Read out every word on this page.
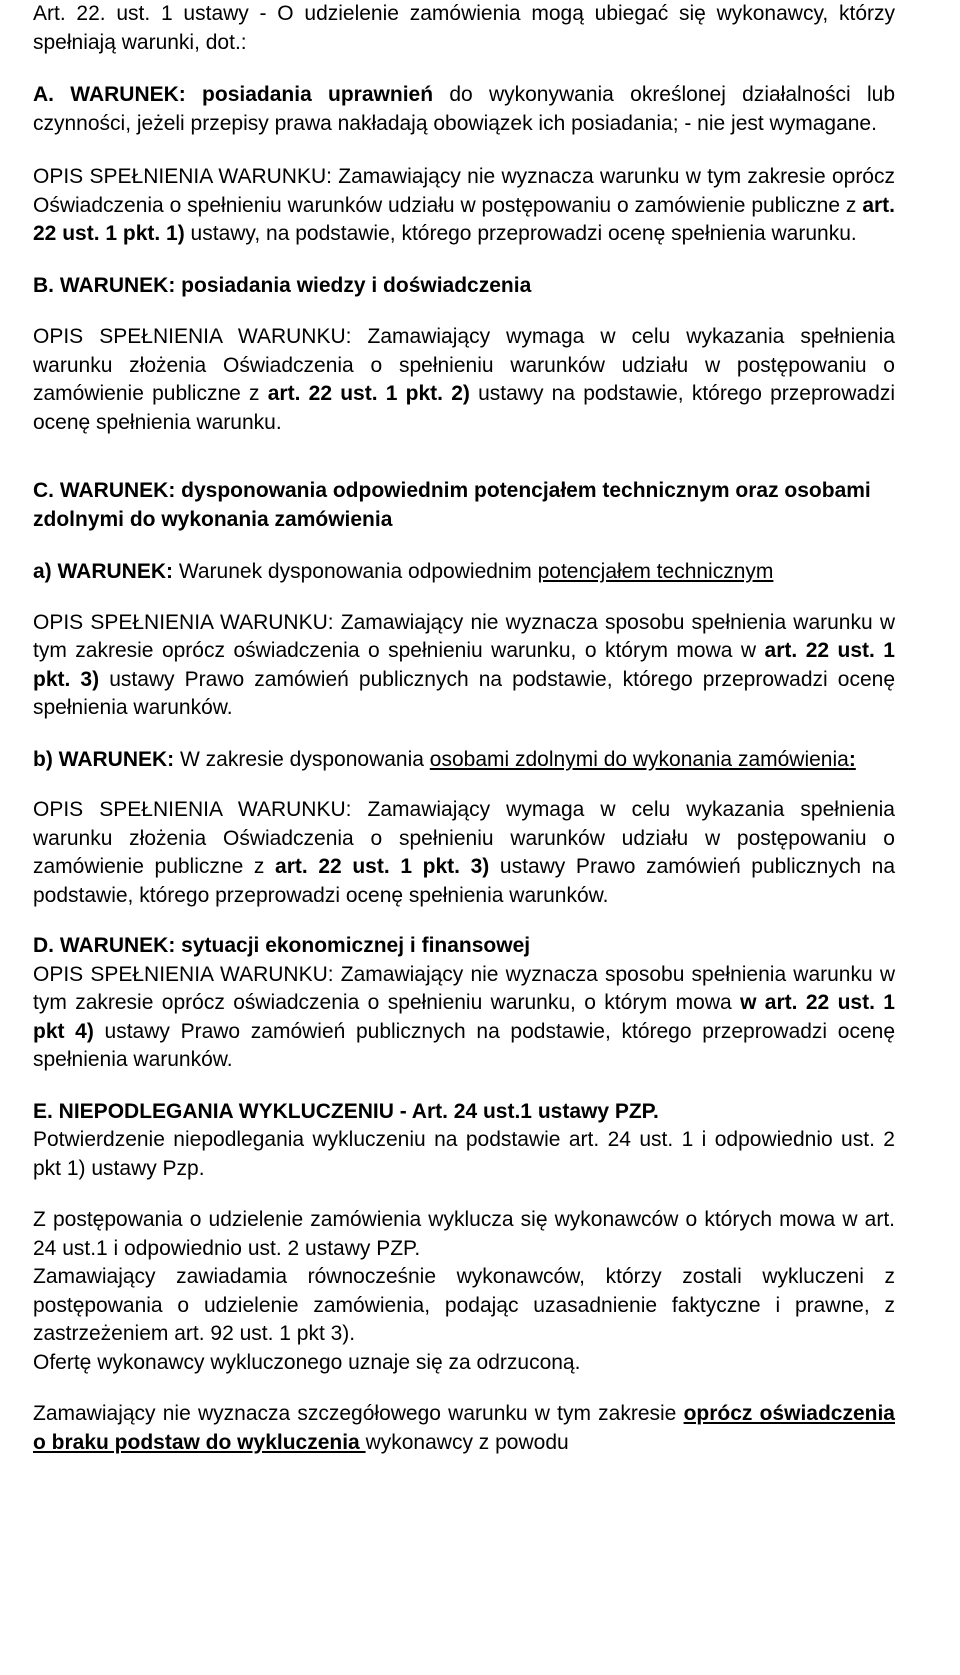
Art. 22. ust. 1 ustawy - O udzielenie zamówienia mogą ubiegać się wykonawcy, którzy spełniają warunki, dot.:

A. WARUNEK: posiadania uprawnień do wykonywania określonej działalności lub czynności, jeżeli przepisy prawa nakładają obowiązek ich posiadania; - nie jest wymagane.

OPIS SPEŁNIENIA WARUNKU: Zamawiający nie wyznacza warunku w tym zakresie oprócz Oświadczenia o spełnieniu warunków udziału w postępowaniu o zamówienie publiczne z art. 22 ust. 1 pkt. 1) ustawy, na podstawie, którego przeprowadzi ocenę spełnienia warunku.

B. WARUNEK: posiadania wiedzy i doświadczenia

OPIS SPEŁNIENIA WARUNKU: Zamawiający wymaga w celu wykazania spełnienia warunku złożenia Oświadczenia o spełnieniu warunków udziału w postępowaniu o zamówienie publiczne z art. 22 ust. 1 pkt. 2) ustawy na podstawie, którego przeprowadzi ocenę spełnienia warunku.

C. WARUNEK: dysponowania odpowiednim potencjałem technicznym oraz osobami zdolnymi do wykonania zamówienia

a) WARUNEK: Warunek dysponowania odpowiednim potencjałem technicznym

OPIS SPEŁNIENIA WARUNKU: Zamawiający nie wyznacza sposobu spełnienia warunku w tym zakresie oprócz oświadczenia o spełnieniu warunku, o którym mowa w art. 22 ust. 1 pkt. 3) ustawy Prawo zamówień publicznych na podstawie, którego przeprowadzi ocenę spełnienia warunków.

b) WARUNEK: W zakresie dysponowania osobami zdolnymi do wykonania zamówienia:

OPIS SPEŁNIENIA WARUNKU: Zamawiający wymaga w celu wykazania spełnienia warunku złożenia Oświadczenia o spełnieniu warunków udziału w postępowaniu o zamówienie publiczne z art. 22 ust. 1 pkt. 3) ustawy Prawo zamówień publicznych na podstawie, którego przeprowadzi ocenę spełnienia warunków.

D. WARUNEK: sytuacji ekonomicznej i finansowej

OPIS SPEŁNIENIA WARUNKU: Zamawiający nie wyznacza sposobu spełnienia warunku w tym zakresie oprócz oświadczenia o spełnieniu warunku, o którym mowa w art. 22 ust. 1 pkt 4) ustawy Prawo zamówień publicznych na podstawie, którego przeprowadzi ocenę spełnienia warunków.

E. NIEPODLEGANIA WYKLUCZENIU - Art. 24 ust.1 ustawy PZP.

Potwierdzenie niepodlegania wykluczeniu na podstawie art. 24 ust. 1 i odpowiednio ust. 2 pkt 1) ustawy Pzp.

Z postępowania o udzielenie zamówienia wyklucza się wykonawców o których mowa w art. 24 ust.1 i odpowiednio ust. 2 ustawy PZP.

Zamawiający zawiadamia równocześnie wykonawców, którzy zostali wykluczeni z postępowania o udzielenie zamówienia, podając uzasadnienie faktyczne i prawne, z zastrzeżeniem art. 92 ust. 1 pkt 3).

Ofertę wykonawcy wykluczonego uznaje się za odrzuconą.

Zamawiający nie wyznacza szczegółowego warunku w tym zakresie oprócz oświadczenia o braku podstaw do wykluczenia wykonawcy z powodu
